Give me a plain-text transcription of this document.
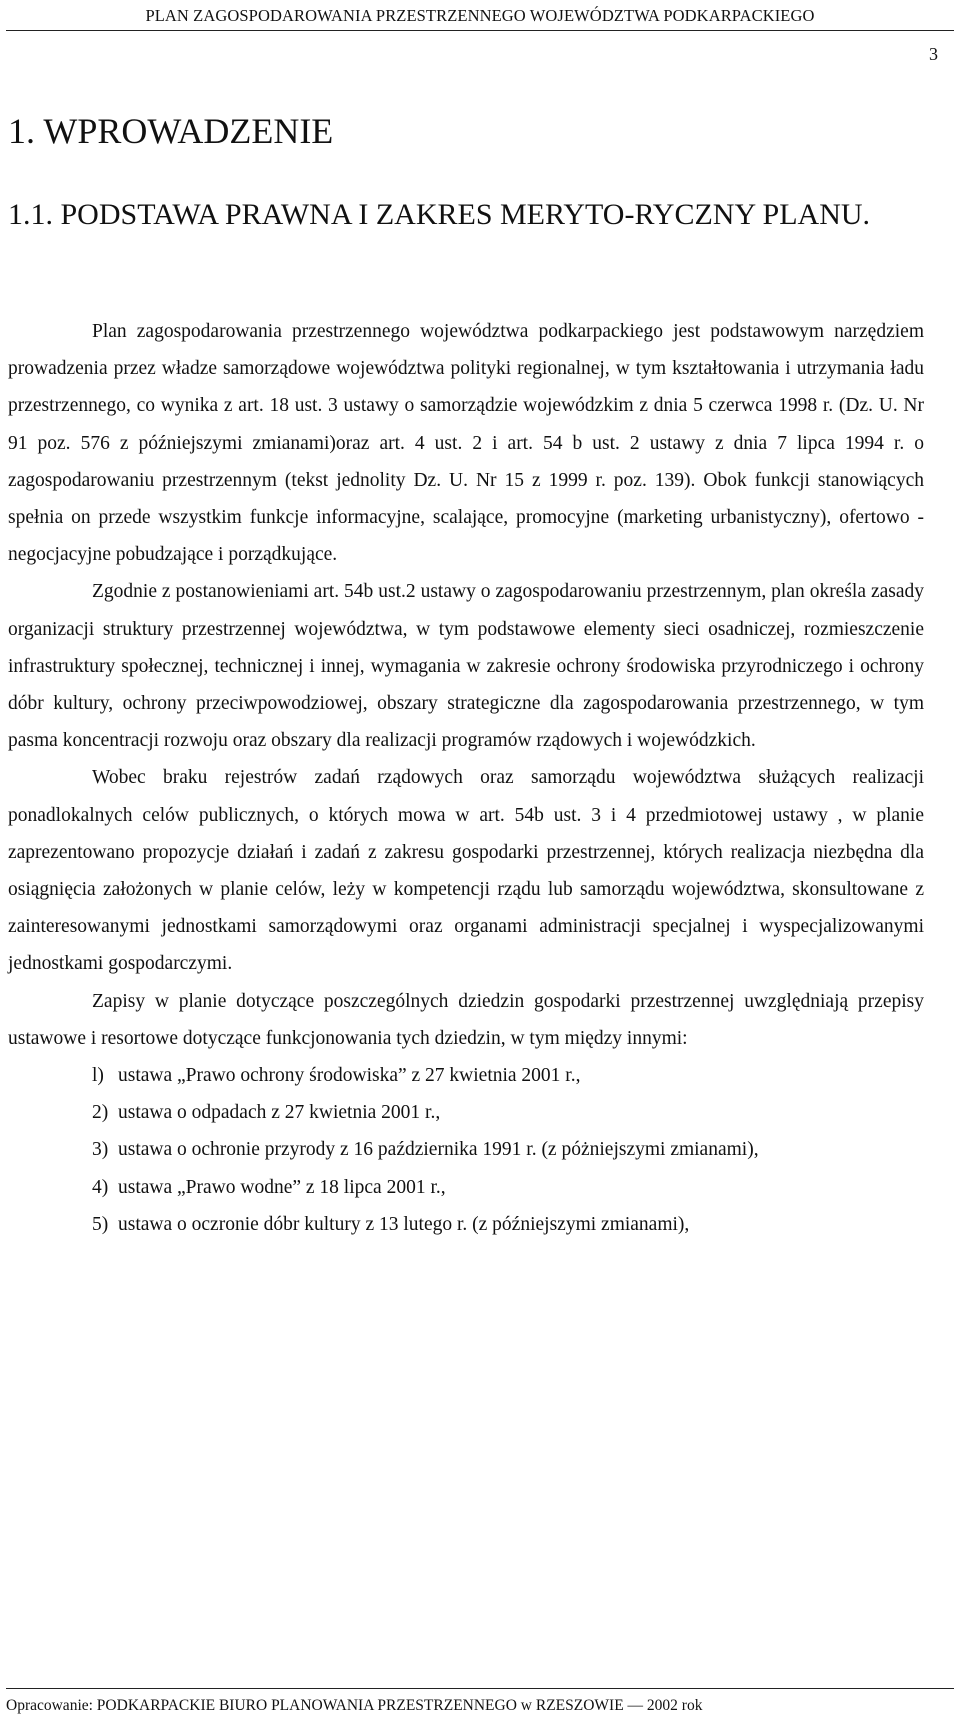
PLAN ZAGOSPODAROWANIA PRZESTRZENNEGO WOJEWÓDZTWA PODKARPACKIEGO
3
1. WPROWADZENIE
1.1. PODSTAWA PRAWNA I ZAKRES MERYTO-RYCZNY PLANU.

Plan zagospodarowania przestrzennego województwa podkarpackiego jest podstawowym narzędziem prowadzenia przez władze samorządowe województwa polityki regionalnej, w tym kształtowania i utrzymania ładu przestrzennego, co wynika z art. 18 ust. 3 ustawy o samorządzie wojewódzkim z dnia 5 czerwca 1998 r. (Dz. U. Nr 91 poz. 576 z późniejszymi zmianami)oraz art. 4 ust. 2 i art. 54 b ust. 2 ustawy z dnia 7 lipca 1994 r. o zagospodarowaniu przestrzennym (tekst jednolity Dz. U. Nr 15 z 1999 r. poz. 139). Obok funkcji stanowiących spełnia on przede wszystkim funkcje informacyjne, scalające, promocyjne (marketing urbanistyczny), ofertowo - negocjacyjne pobudzające i porządkujące.

Zgodnie z postanowieniami art. 54b ust.2 ustawy o zagospodarowaniu przestrzennym, plan określa zasady organizacji struktury przestrzennej województwa, w tym podstawowe elementy sieci osadniczej, rozmieszczenie infrastruktury społecznej, technicznej i innej, wymagania w zakresie ochrony środowiska przyrodniczego i ochrony dóbr kultury, ochrony przeciwpowodziowej, obszary strategiczne dla zagospodarowania przestrzennego, w tym pasma koncentracji rozwoju oraz obszary dla realizacji programów rządowych i wojewódzkich.

Wobec braku rejestrów zadań rządowych oraz samorządu województwa służących realizacji ponadlokalnych celów publicznych, o których mowa w art. 54b ust. 3 i 4 przedmiotowej ustawy , w planie zaprezentowano propozycje działań i zadań z zakresu gospodarki przestrzennej, których realizacja niezbędna dla osiągnięcia założonych w planie celów, leży w kompetencji rządu lub samorządu województwa, skonsultowane z zainteresowanymi jednostkami samorządowymi oraz organami administracji specjalnej i wyspecjalizowanymi jednostkami gospodarczymi.

Zapisy w planie dotyczące poszczególnych dziedzin gospodarki przestrzennej uwzględniają przepisy ustawowe i resortowe dotyczące funkcjonowania tych dziedzin, w tym między innymi:

l) ustawa „Prawo ochrony środowiska” z 27 kwietnia 2001 r.,
2) ustawa o odpadach z 27 kwietnia 2001 r.,
3) ustawa o ochronie przyrody z 16 października 1991 r. (z póżniejszymi zmianami),
4) ustawa „Prawo wodne” z 18 lipca 2001 r.,
5) ustawa o oczronie dóbr kultury z 13 lutego r. (z późniejszymi zmianami),
Opracowanie: PODKARPACKIE BIURO PLANOWANIA PRZESTRZENNEGO w RZESZOWIE — 2002 rok
